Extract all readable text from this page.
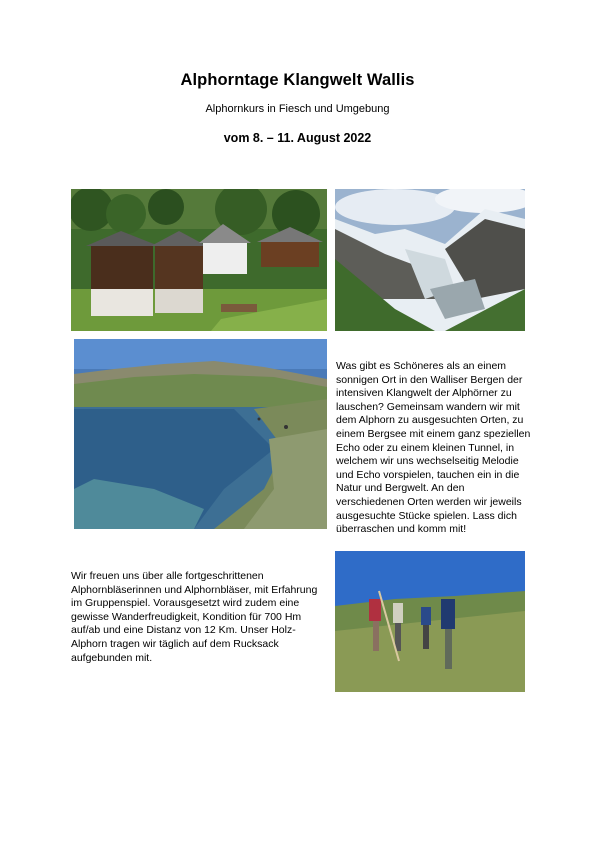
Alphorntage Klangwelt Wallis
Alphornkurs in Fiesch und Umgebung
vom 8. – 11. August 2022
Was gibt es Schöneres als an einem sonnigen Ort in den Walliser Bergen der intensiven Klangwelt der Alphörner zu lauschen? Gemeinsam wandern wir mit dem Alphorn zu ausgesuchten Orten, zu einem Bergsee mit einem ganz speziellen Echo oder zu einem kleinen Tunnel, in welchem wir uns wechselseitig Melodie und Echo vorspielen, tauchen ein in die Natur und Bergwelt. An den verschiedenen Orten werden wir jeweils ausgesuchte Stücke spielen. Lass dich überraschen und komm mit!
Wir freuen uns über alle fortgeschrittenen Alphornbläserinnen und Alphornbläser, mit Erfahrung im Gruppenspiel. Vorausgesetzt wird zudem eine gewisse Wanderfreudigkeit, Kondition für 700 Hm auf/ab und eine Distanz von 12 Km. Unser Holz-Alphorn tragen wir täglich auf dem Rucksack aufgebunden mit.
